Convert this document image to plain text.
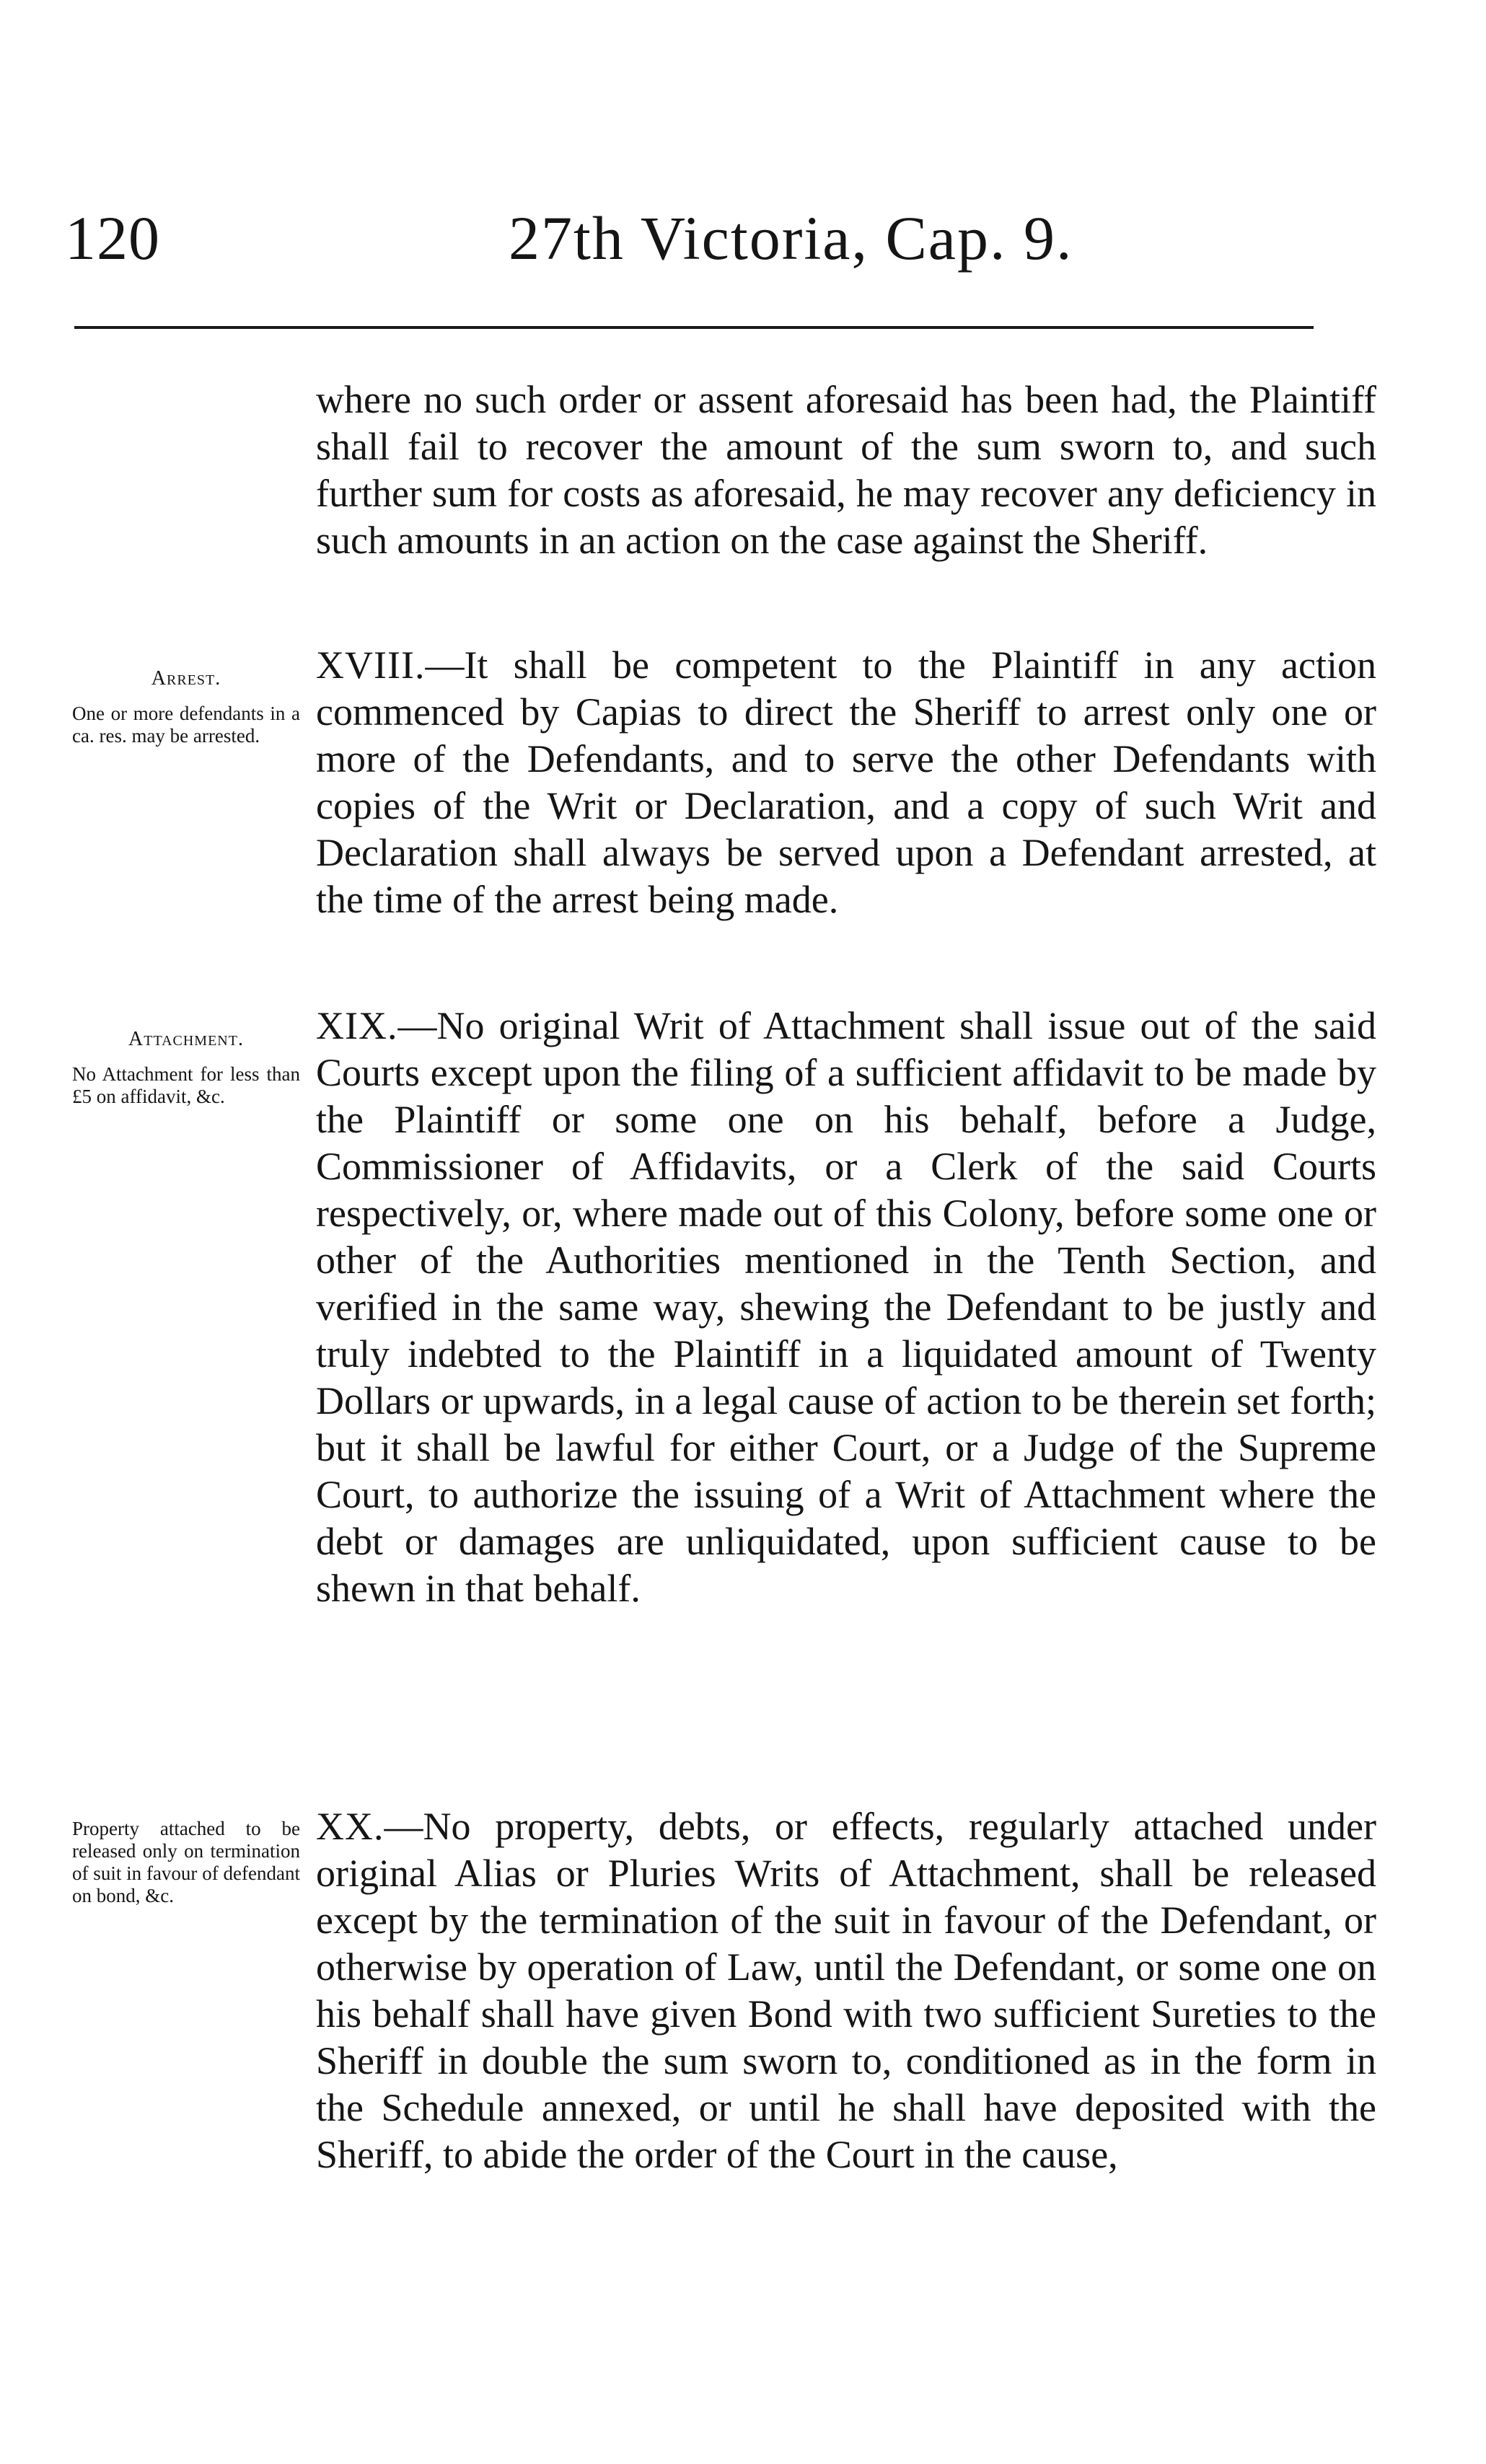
120	27th Victoria, Cap. 9.
where no such order or assent aforesaid has been had, the Plaintiff shall fail to recover the amount of the sum sworn to, and such further sum for costs as aforesaid, he may recover any deficiency in such amounts in an action on the case against the Sheriff.
Arrest.
One or more defendants in a ca. res. may be arrested.
XVIII.—It shall be competent to the Plaintiff in any action commenced by Capias to direct the Sheriff to arrest only one or more of the Defendants, and to serve the other Defendants with copies of the Writ or Declaration, and a copy of such Writ and Declaration shall always be served upon a Defendant arrested, at the time of the arrest being made.
Attachment.
No Attachment for less than £5 on affidavit, &c.
XIX.—No original Writ of Attachment shall issue out of the said Courts except upon the filing of a sufficient affidavit to be made by the Plaintiff or some one on his behalf, before a Judge, Commissioner of Affidavits, or a Clerk of the said Courts respectively, or, where made out of this Colony, before some one or other of the Authorities mentioned in the Tenth Section, and verified in the same way, shewing the Defendant to be justly and truly indebted to the Plaintiff in a liquidated amount of Twenty Dollars or upwards, in a legal cause of action to be therein set forth; but it shall be lawful for either Court, or a Judge of the Supreme Court, to authorize the issuing of a Writ of Attachment where the debt or damages are unliquidated, upon sufficient cause to be shewn in that behalf.
Property attached to be released only on termination of suit in favour of defendant on bond, &c.
XX.—No property, debts, or effects, regularly attached under original Alias or Pluries Writs of Attachment, shall be released except by the termination of the suit in favour of the Defendant, or otherwise by operation of Law, until the Defendant, or some one on his behalf shall have given Bond with two sufficient Sureties to the Sheriff in double the sum sworn to, conditioned as in the form in the Schedule annexed, or until he shall have deposited with the Sheriff, to abide the order of the Court in the cause,
